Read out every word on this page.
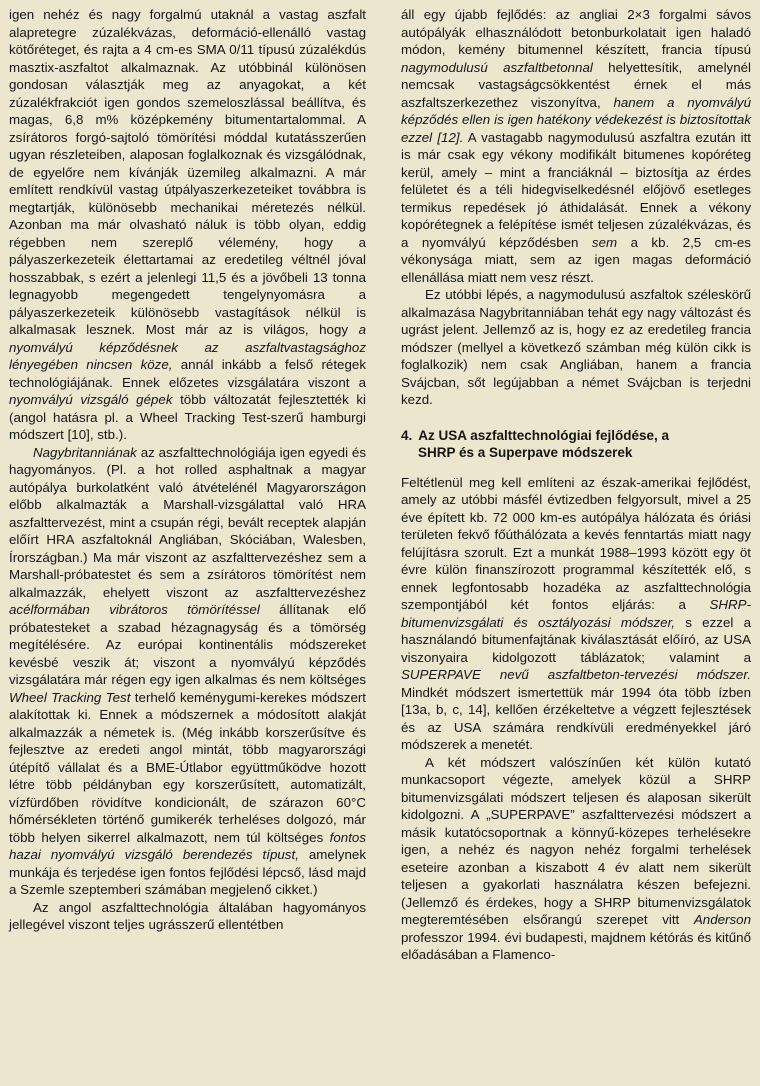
igen nehéz és nagy forgalmú utaknál a vastag aszfalt alapretegre zúzalékvázas, deformáció-ellenálló vastag kötőréteget, és rajta a 4 cm-es SMA 0/11 típusú zúzalékdús masztix-aszfaltot alkalmaznak. Az utóbbinál különösen gondosan választják meg az anyagokat, a két zúzalékfrakciót igen gondos szemeloszlással beállítva, és magas, 6,8 m% középkemény bitumentartalommal. A zsírátoros forgó-sajtoló tömörítési móddal kutatásszerűen ugyan részleteiben, alaposan foglalkoznak és vizsgálódnak, de egyelőre nem kívánják üzemileg alkalmazni. A már említett rendkívül vastag útpályaszerkezeteiket továbbra is megtartják, különösebb mechanikai méretezés nélkül. Azonban ma már olvasható náluk is több olyan, eddig régebben nem szereplő vélemény, hogy a pályaszerkezeteik élettartamai az eredetileg véltnél jóval hosszabbak, s ezért a jelenlegi 11,5 és a jövőbeli 13 tonna legnagyobb megengedett tengelynyomásra a pályaszerkezeteik különösebb vastagítások nélkül is alkalmasak lesznek. Most már az is világos, hogy a nyomvályú képződésnek az aszfaltvastagsághoz lényegében nincsen köze, annál inkább a felső rétegek technológiájának. Ennek előzetes vizsgálatára viszont a nyomvályú vizsgáló gépek több változatát fejlesztették ki (angol hatásra pl. a Wheel Tracking Test-szerű hamburgi módszert [10], stb.).

Nagybritanniának az aszfalttechnológiája igen egyedi és hagyományos. (Pl. a hot rolled asphaltnak a magyar autópálya burkolatként való átvételénél Magyarországon előbb alkalmazták a Marshall-vizsgálattal való HRA aszfalttervezést, mint a csupán régi, bevált receptek alapján előírt HRA aszfaltoknál Angliában, Skóciában, Walesben, Írországban.) Ma már viszont az aszfalttervezéshez sem a Marshall-próbatestet és sem a zsírátoros tömörítést nem alkalmazzák, ehelyett viszont az aszfalttervezéshez acélformában vibrátoros tömörítéssel állítanak elő próbatesteket a szabad hézagnagyság és a tömörség megítélésére. Az európai kontinentális módszereket kevésbé veszik át; viszont a nyomvályú képződés vizsgálatára már régen egy igen alkalmas és nem költséges Wheel Tracking Test terhelő keménygumi-kerekes módszert alakítottak ki. Ennek a módszernek a módosított alakját alkalmazzák a németek is. (Még inkább korszerűsítve és fejlesztve az eredeti angol mintát, több magyarországi útépítő vállalat és a BME-Útlabor együttműködve hozott létre több példányban egy korszerűsített, automatizált, vízfürdőben rövidítve kondicionált, de szárazon 60°C hőmérsékleten történő gumikerék terheléses dolgozó, már több helyen sikerrel alkalmazott, nem túl költséges fontos hazai nyomvályú vizsgáló berendezés típust, amelynek munkája és terjedése igen fontos fejlődési lépcső, lásd majd a Szemle szeptemberi számában megjelenő cikket.)

Az angol aszfalttechnológia általában hagyományos jellegével viszont teljes ugrásszerű ellentétben

áll egy újabb fejlődés: az angliai 2×3 forgalmi sávos autópályák elhasználódott betonburkolatait igen haladó módon, kemény bitumennel készített, francia típusú nagymodulusú aszfaltbetonnal helyettesítik, amelynél nemcsak vastagságcsökkentést érnek el más aszfaltszerkezethez viszonyítva, hanem a nyomvályú képződés ellen is igen hatékony védekezést is biztosítottak ezzel [12]. A vastagabb nagymodulusú aszfaltra ezután itt is már csak egy vékony modifikált bitumenes kopóréteg kerül, amely – mint a franciáknál – biztosítja az érdes felületet és a téli hidegviselkedésnél előjövő esetleges termikus repedések jó áthidalását. Ennek a vékony kopórétegnek a felépítése ismét teljesen zúzalékvázas, és a nyomvályú képződésben sem a kb. 2,5 cm-es vékonysága miatt, sem az igen magas deformáció ellenállása miatt nem vesz részt.

Ez utóbbi lépés, a nagymodulusú aszfaltok széleskörű alkalmazása Nagybritanniában tehát egy nagy változást és ugrást jelent. Jellemző az is, hogy ez az eredetileg francia módszer (mellyel a következő számban még külön cikk is foglalkozik) nem csak Angliában, hanem a francia Svájcban, sőt legújabban a német Svájcban is terjedni kezd.

4. Az USA aszfalttechnológiai fejlődése, a
SHRP és a Superpave módszerek

Feltétlenül meg kell említeni az észak-amerikai fejlődést, amely az utóbbi másfél évtizedben felgyorsult, mivel a 25 éve épített kb. 72 000 km-es autópálya hálózata és óriási területen fekvő főúthálózata a kevés fenntartás miatt nagy felújításra szorult. Ezt a munkát 1988–1993 között egy öt évre külön finanszírozott programmal készítették elő, s ennek legfontosabb hozadéka az aszfalttechnológia szempontjából két fontos eljárás: a SHRP-bitumenvizsgálati és osztályozási módszer, s ezzel a használandó bitumenfajtának kiválasztását előíró, az USA viszonyaira kidolgozott táblázatok; valamint a SUPERPAVE nevű aszfaltbeton-tervezési módszer. Mindkét módszert ismertettük már 1994 óta több ízben [13a, b, c, 14], kellően érzékeltetve a végzett fejlesztések és az USA számára rendkívüli eredményekkel járó módszerek a menetét.

A két módszert valószínűen két külön kutató munkacsoport végezte, amelyek közül a SHRP bitumenvizsgálati módszert teljesen és alaposan sikerült kidolgozni. A „SUPERPAVE” aszfalttervezési módszert a másik kutatócsoportnak a könnyű-közepes terhelésekre igen, a nehéz és nagyon nehéz forgalmi terhelések eseteire azonban a kiszabott 4 év alatt nem sikerült teljesen a gyakorlati használatra készen befejezni. (Jellemző és érdekes, hogy a SHRP bitumenvizsgálatok megteremtésében elsőrangú szerepet vitt Anderson professzor 1994. évi budapesti, majdnem kétórás és kitűnő előadásában a Flamenco-
